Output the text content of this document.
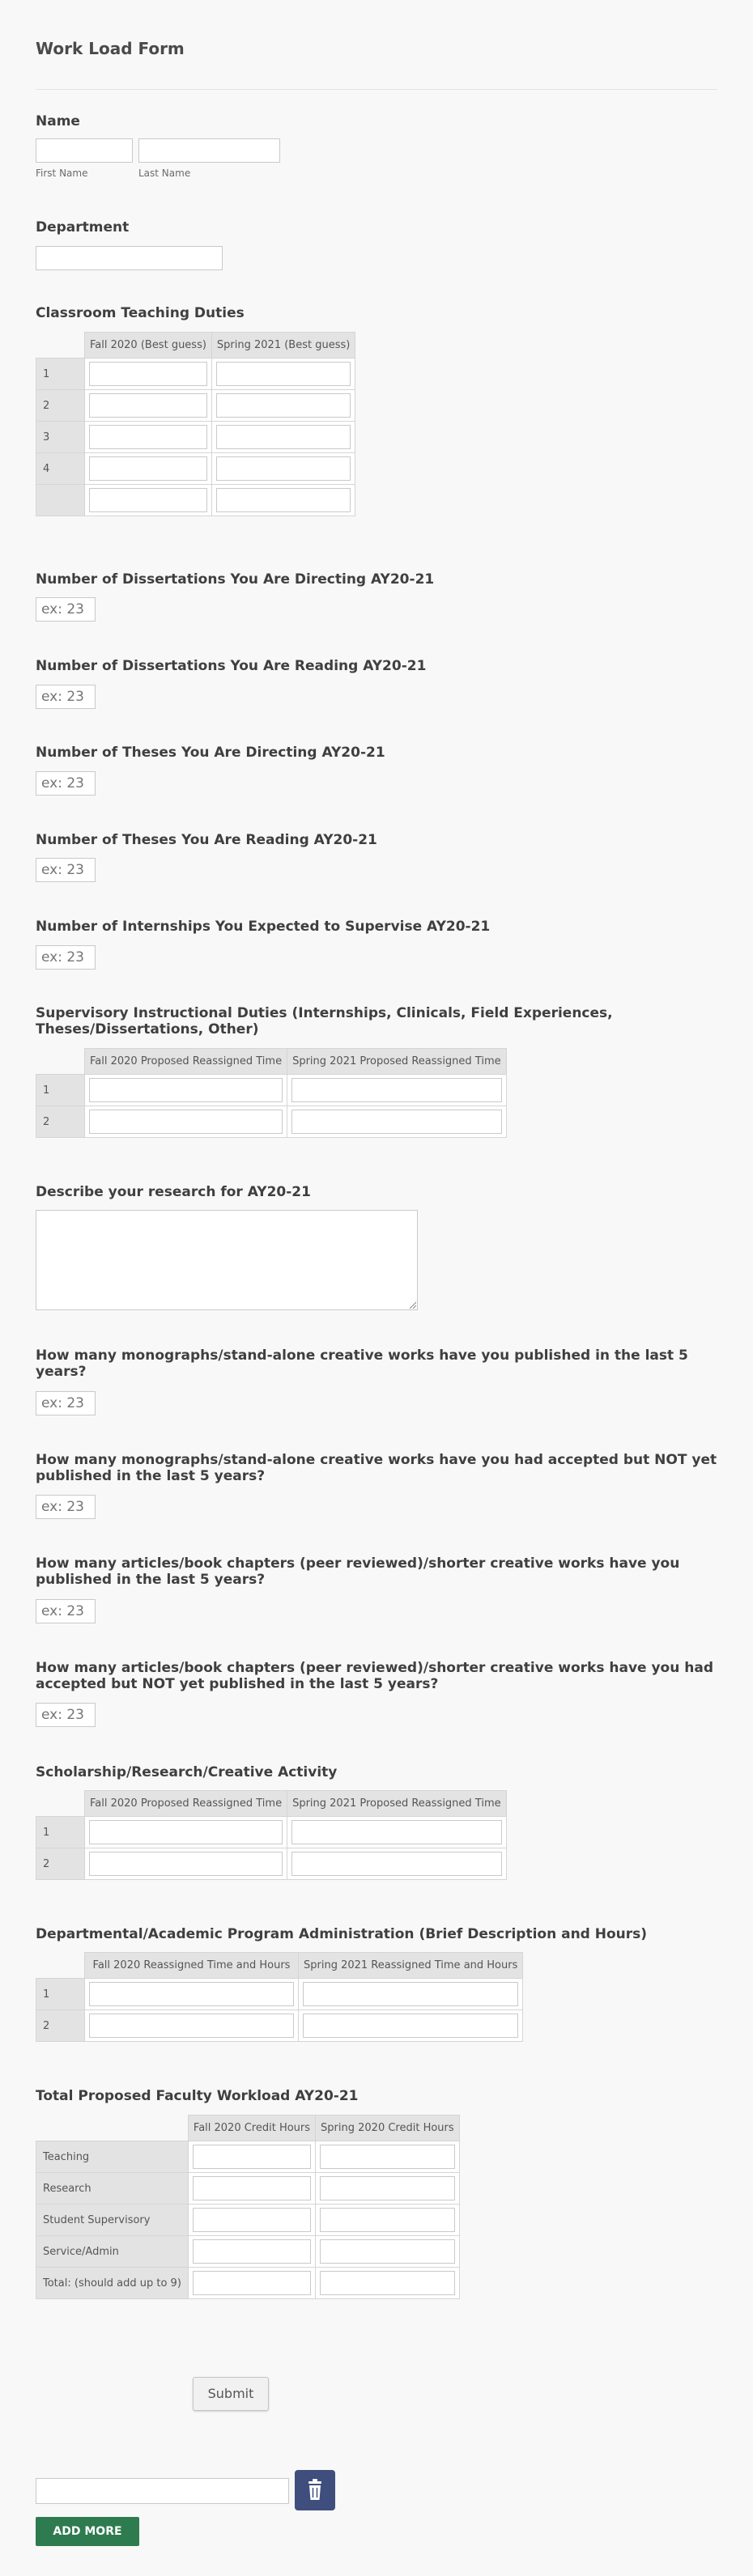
Work Load Form
Name
First Name	Last Name
Department
Classroom Teaching Duties
	Fall 2020 (Best guess)	Spring 2021 (Best guess)
1	

2	

3	

4	

Number of Dissertations You Are Directing AY20-21
ex: 23
Number of Dissertations You Are Reading AY20-21
ex: 23
Number of Theses You Are Directing AY20-21
ex: 23
Number of Theses You Are Reading AY20-21
ex: 23
Number of Internships You Expected to Supervise AY20-21
ex: 23
Supervisory Instructional Duties (Internships, Clinicals, Field Experiences, Theses/Dissertations, Other)
	Fall 2020 Proposed Reassigned Time	Spring 2021 Proposed Reassigned Time
1	

2	

Describe your research for AY20-21
How many monographs/stand-alone creative works have you published in the last 5 years?
ex: 23
How many monographs/stand-alone creative works have you had accepted but NOT yet published in the last 5 years?
ex: 23
How many articles/book chapters (peer reviewed)/shorter creative works have you published in the last 5 years?
ex: 23
How many articles/book chapters (peer reviewed)/shorter creative works have you had accepted but NOT yet published in the last 5 years?
ex: 23
Scholarship/Research/Creative Activity
	Fall 2020 Proposed Reassigned Time	Spring 2021 Proposed Reassigned Time
1	

2	

Departmental/Academic Program Administration (Brief Description and Hours)
	Fall 2020 Reassigned Time and Hours	Spring 2021 Reassigned Time and Hours
1	

2	

Total Proposed Faculty Workload AY20-21
	Fall 2020 Credit Hours	Spring 2020 Credit Hours
Teaching	

Research	

Student Supervisory	

Service/Admin	

Total: (should add up to 9)	

Submit
ADD MORE
